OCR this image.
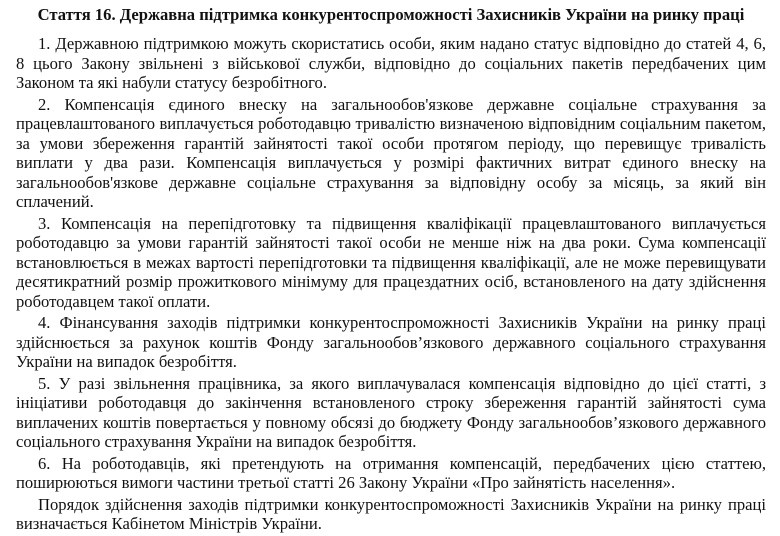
Стаття 16. Державна підтримка конкурентоспроможності Захисників України на ринку праці

1. Державною підтримкою можуть скористатись особи, яким надано статус відповідно до статей 4, 6, 8 цього Закону звільнені з військової служби, відповідно до соціальних пакетів передбачених цим Законом та які набули статусу безробітного.

2. Компенсація єдиного внеску на загальнообов'язкове державне соціальне страхування за працевлаштованого виплачується роботодавцю тривалістю визначеною відповідним соціальним пакетом, за умови збереження гарантій зайнятості такої особи протягом періоду, що перевищує тривалість виплати у два рази. Компенсація виплачується у розмірі фактичних витрат єдиного внеску на загальнообов'язкове державне соціальне страхування за відповідну особу за місяць, за який він сплачений.

3. Компенсація на перепідготовку та підвищення кваліфікації працевлаштованого виплачується роботодавцю за умови гарантій зайнятості такої особи не менше ніж на два роки. Сума компенсації встановлюється в межах вартості перепідготовки та підвищення кваліфікації, але не може перевищувати десятикратний розмір прожиткового мінімуму для працездатних осіб, встановленого на дату здійснення роботодавцем такої оплати.

4. Фінансування заходів підтримки конкурентоспроможності Захисників України на ринку праці здійснюється за рахунок коштів Фонду загальнообов’язкового державного соціального страхування України на випадок безробіття.

5. У разі звільнення працівника, за якого виплачувалася компенсація відповідно до цієї статті, з ініціативи роботодавця до закінчення встановленого строку збереження гарантій зайнятості сума виплачених коштів повертається у повному обсязі до бюджету Фонду загальнообов’язкового державного соціального страхування України на випадок безробіття.

6. На роботодавців, які претендують на отримання компенсацій, передбачених цією статтею, поширюються вимоги частини третьої статті 26 Закону України «Про зайнятість населення».

Порядок здійснення заходів підтримки конкурентоспроможності Захисників України на ринку праці визначається Кабінетом Міністрів України.
